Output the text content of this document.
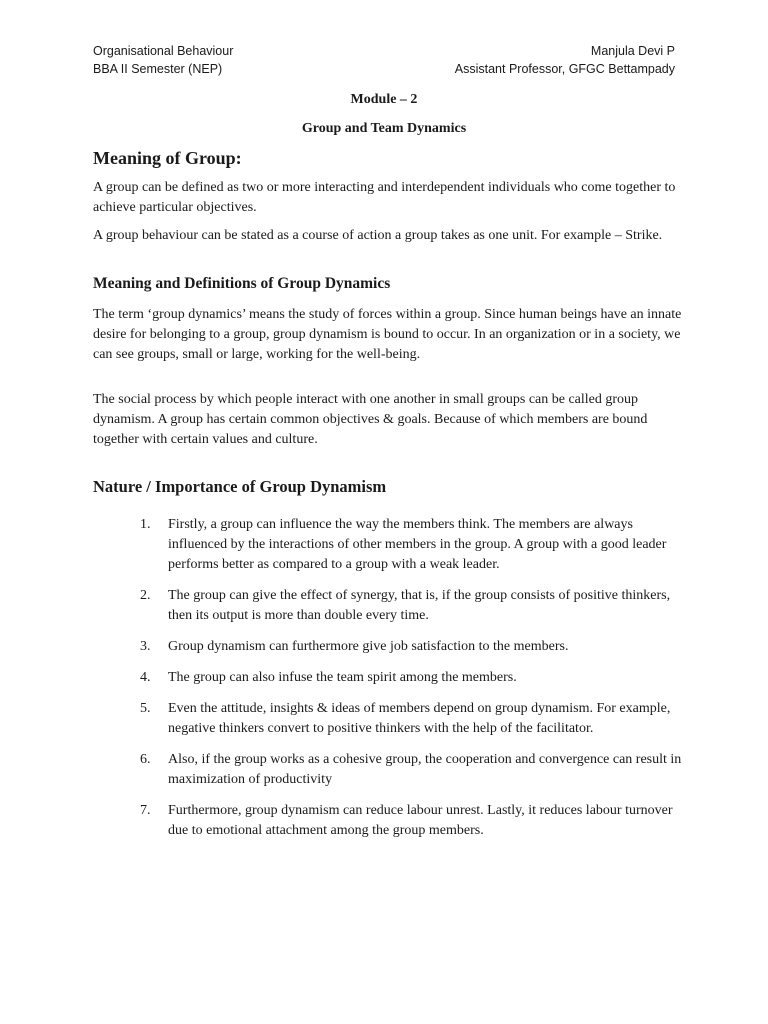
Organisational Behaviour
BBA II Semester (NEP)
Manjula Devi P
Assistant Professor, GFGC Bettampady
Module – 2
Group and Team Dynamics
Meaning of Group:

A group can be defined as two or more interacting and interdependent individuals who come together to achieve particular objectives.

A group behaviour can be stated as a course of action a group takes as one unit. For example – Strike.

Meaning and Definitions of Group Dynamics

The term ‘group dynamics’ means the study of forces within a group. Since human beings have an innate desire for belonging to a group, group dynamism is bound to occur. In an organization or in a society, we can see groups, small or large, working for the well-being.

The social process by which people interact with one another in small groups can be called group dynamism. A group has certain common objectives & goals. Because of which members are bound together with certain values and culture.

Nature / Importance of Group Dynamism
1. Firstly, a group can influence the way the members think. The members are always influenced by the interactions of other members in the group. A group with a good leader performs better as compared to a group with a weak leader.
2. The group can give the effect of synergy, that is, if the group consists of positive thinkers, then its output is more than double every time.
3. Group dynamism can furthermore give job satisfaction to the members.
4. The group can also infuse the team spirit among the members.
5. Even the attitude, insights & ideas of members depend on group dynamism. For example, negative thinkers convert to positive thinkers with the help of the facilitator.
6. Also, if the group works as a cohesive group, the cooperation and convergence can result in maximization of productivity
7. Furthermore, group dynamism can reduce labour unrest. Lastly, it reduces labour turnover due to emotional attachment among the group members.
